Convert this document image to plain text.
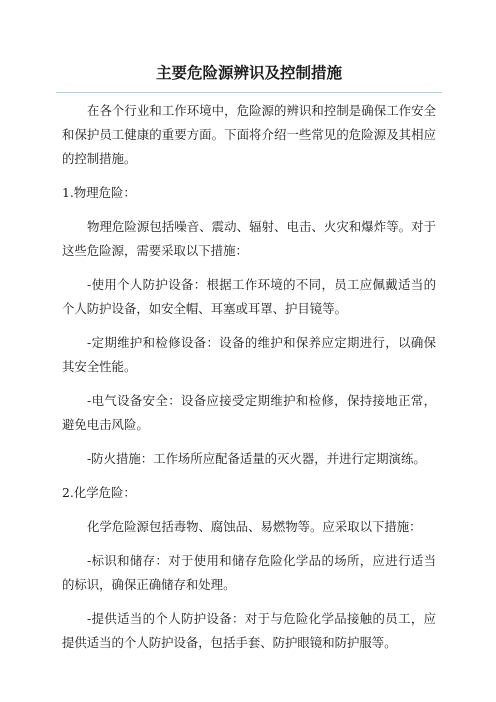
主要危险源辨识及控制措施

在各个行业和工作环境中，危险源的辨识和控制是确保工作安全和保护员工健康的重要方面。下面将介绍一些常见的危险源及其相应的控制措施。

1.物理危险：

物理危险源包括噪音、震动、辐射、电击、火灾和爆炸等。对于这些危险源，需要采取以下措施：

-使用个人防护设备：根据工作环境的不同，员工应佩戴适当的个人防护设备，如安全帽、耳塞或耳罩、护目镜等。

-定期维护和检修设备：设备的维护和保养应定期进行，以确保其安全性能。

-电气设备安全：设备应接受定期维护和检修，保持接地正常，避免电击风险。

-防火措施：工作场所应配备适量的灭火器，并进行定期演练。

2.化学危险：

化学危险源包括毒物、腐蚀品、易燃物等。应采取以下措施：

-标识和储存：对于使用和储存危险化学品的场所，应进行适当的标识，确保正确储存和处理。

-提供适当的个人防护设备：对于与危险化学品接触的员工，应提供适当的个人防护设备，包括手套、防护眼镜和防护服等。
